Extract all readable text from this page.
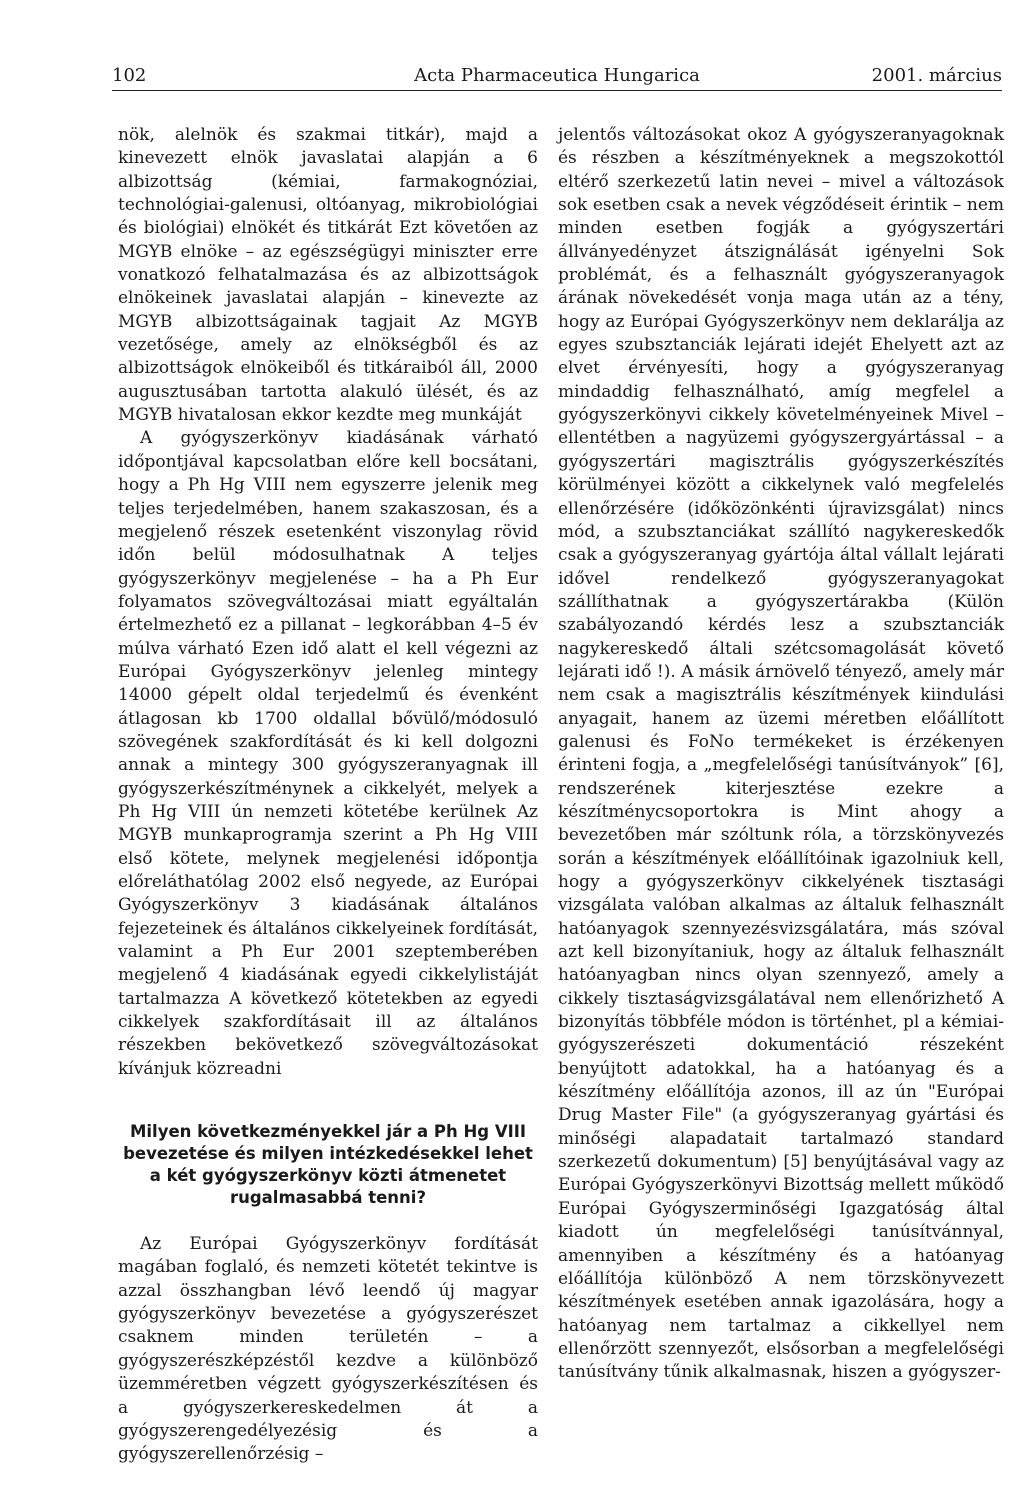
102	Acta Pharmaceutica Hungarica	2001. március

nök, alelnök és szakmai titkár), majd a kinevezett elnök javaslatai alapján a 6 albizottság (kémiai, farmakognóziai, technológiai-galenusi, oltóanyag, mikrobiológiai és biológiai) elnökét és titkárát Ezt követően az MGYB elnöke – az egészségügyi miniszter erre vonatkozó felhatalmazása és az albizottságok elnökeinek javaslatai alapján – kinevezte az MGYB albizottságainak tagjait Az MGYB vezetősége, amely az elnökségből és az albizottságok elnökeiből és titkáraiból áll, 2000 augusztusában tartotta alakuló ülését, és az MGYB hivatalosan ekkor kezdte meg munkáját

A gyógyszerkönyv kiadásának várható időpontjával kapcsolatban előre kell bocsátani, hogy a Ph Hg VIII nem egyszerre jelenik meg teljes terjedelmében, hanem szakaszosan, és a megjelenő részek esetenként viszonylag rövid időn belül módosulhatnak A teljes gyógyszerkönyv megjelenése – ha a Ph Eur folyamatos szövegváltozásai miatt egyáltalán értelmezhető ez a pillanat – legkorábban 4–5 év múlva várható Ezen idő alatt el kell végezni az Európai Gyógyszerkönyv jelenleg mintegy 14000 gépelt oldal terjedelmű és évenként átlagosan kb 1700 oldallal bővülő/módosuló szövegének szakfordítását és ki kell dolgozni annak a mintegy 300 gyógyszeranyagnak ill gyógyszerkészítménynek a cikkelyét, melyek a Ph Hg VIII ún nemzeti kötetébe kerülnek Az MGYB munkaprogramja szerint a Ph Hg VIII első kötete, melynek megjelenési időpontja előreláthatólag 2002 első negyede, az Európai Gyógyszerkönyv 3 kiadásának általános fejezeteinek és általános cikkelyeinek fordítását, valamint a Ph Eur 2001 szeptemberében megjelenő 4 kiadásának egyedi cikkelylistáját tartalmazza A következő kötetekben az egyedi cikkelyek szakfordításait ill az általános részekben bekövetkező szövegváltozásokat kívánjuk közreadni

Milyen következményekkel jár a Ph Hg VIII bevezetése és milyen intézkedésekkel lehet a két gyógyszerkönyv közti átmenetet rugalmasabbá tenni?

Az Európai Gyógyszerkönyv fordítását magában foglaló, és nemzeti kötetét tekintve is azzal összhangban lévő leendő új magyar gyógyszerkönyv bevezetése a gyógyszerészet csaknem minden területén – a gyógyszerészképzéstől kezdve a különböző üzemméretben végzett gyógyszerkészítésen és a gyógyszerkereskedelmen át a gyógyszerengedélyezésig és a gyógyszerellenőrzésig –

jelentős változásokat okoz A gyógyszeranyagoknak és részben a készítményeknek a megszokottól eltérő szerkezetű latin nevei – mivel a változások sok esetben csak a nevek végződéseit érintik – nem minden esetben fogják a gyógyszertári állványedényzet átszignálását igényelni Sok problémát, és a felhasznált gyógyszeranyagok árának növekedését vonja maga után az a tény, hogy az Európai Gyógyszerkönyv nem deklarálja az egyes szubsztanciák lejárati idejét Ehelyett azt az elvet érvényesíti, hogy a gyógyszeranyag mindaddig felhasználható, amíg megfelel a gyógyszerkönyvi cikkely követelményeinek Mivel – ellentétben a nagyüzemi gyógyszergyártással – a gyógyszertári magisztrális gyógyszerkészítés körülményei között a cikkelynek való megfelelés ellenőrzésére (időközönkénti újravizsgálat) nincs mód, a szubsztanciákat szállító nagykereskedők csak a gyógyszeranyag gyártója által vállalt lejárati idővel rendelkező gyógyszeranyagokat szállíthatnak a gyógyszertárakba (Külön szabályozandó kérdés lesz a szubsztanciák nagykereskedő általi szétcsomagolását követő lejárati idő !). A másik árnövelő tényező, amely már nem csak a magisztrális készítmények kiindulási anyagait, hanem az üzemi méretben előállított galenusi és FoNo termékeket is érzékenyen érinteni fogja, a „megfelelőségi tanúsítványok” [6], rendszerének kiterjesztése ezekre a készítménycsoportokra is Mint ahogy a bevezetőben már szóltunk róla, a törzskönyvezés során a készítmények előállítóinak igazolniuk kell, hogy a gyógyszerkönyv cikkelyének tisztasági vizsgálata valóban alkalmas az általuk felhasznált hatóanyagok szennyezésvizsgálatára, más szóval azt kell bizonyítaniuk, hogy az általuk felhasznált hatóanyagban nincs olyan szennyező, amely a cikkely tisztaságvizsgálatával nem ellenőrizhető A bizonyítás többféle módon is történhet, pl a kémiai-gyógyszerészeti dokumentáció részeként benyújtott adatokkal, ha a hatóanyag és a készítmény előállítója azonos, ill az ún "Európai Drug Master File" (a gyógyszeranyag gyártási és minőségi alapadatait tartalmazó standard szerkezetű dokumentum) [5] benyújtásával vagy az Európai Gyógyszerkönyvi Bizottság mellett működő Európai Gyógyszerminőségi Igazgatóság által kiadott ún megfelelőségi tanúsítvánnyal, amennyiben a készítmény és a hatóanyag előállítója különböző A nem törzskönyvezett készítmények esetében annak igazolására, hogy a hatóanyag nem tartalmaz a cikkellyel nem ellenőrzött szennyezőt, elsősorban a megfelelőségi tanúsítvány tűnik alkalmasnak, hiszen a gyógyszer-
